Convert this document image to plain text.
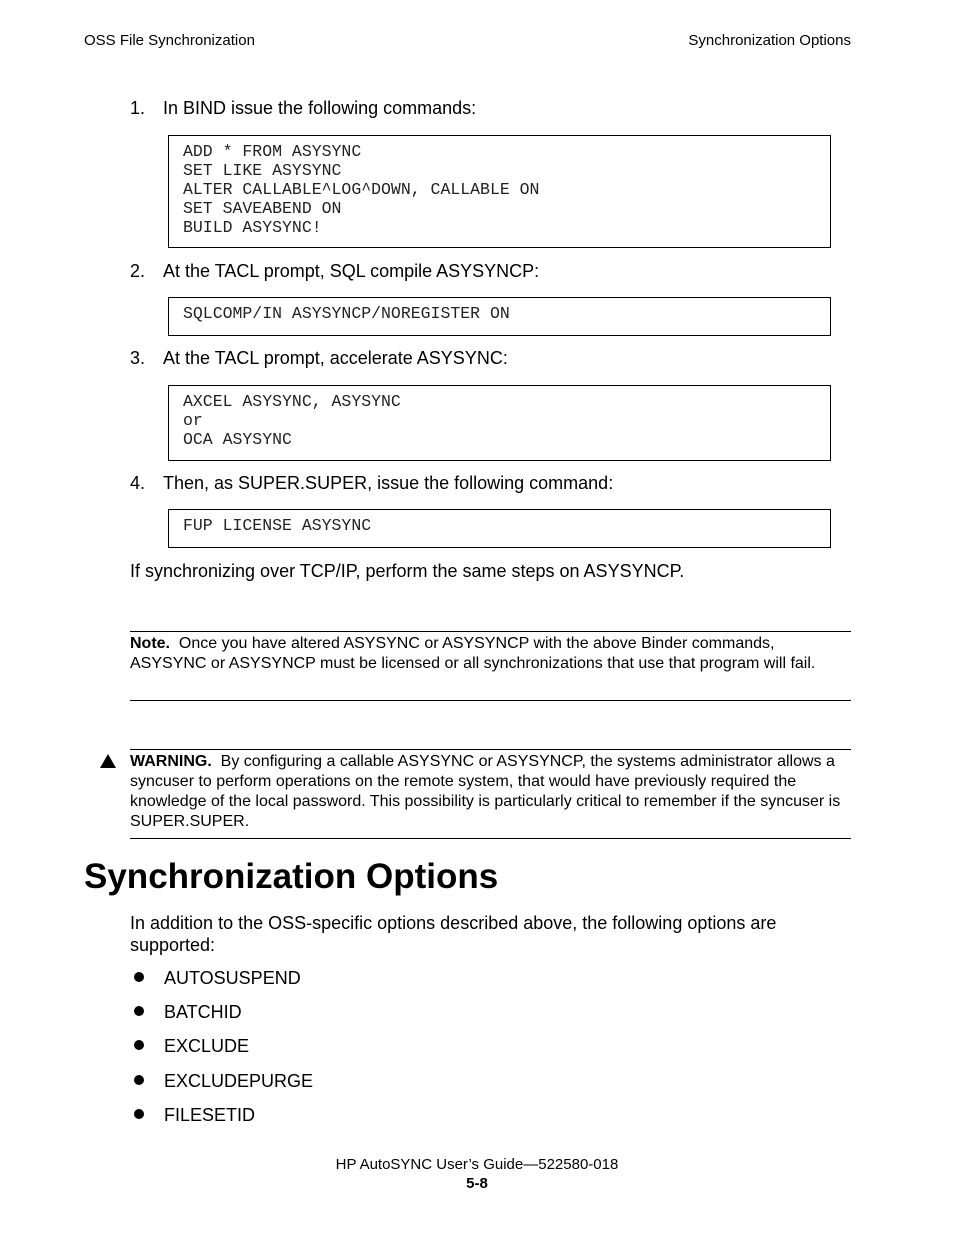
OSS File Synchronization	Synchronization Options
1. In BIND issue the following commands:
ADD * FROM ASYSYNC
SET LIKE ASYSYNC
ALTER CALLABLE^LOG^DOWN, CALLABLE ON
SET SAVEABEND ON
BUILD ASYSYNC!
2. At the TACL prompt, SQL compile ASYSYNCP:
SQLCOMP/IN ASYSYNCP/NOREGISTER ON
3. At the TACL prompt, accelerate ASYSYNC:
AXCEL ASYSYNC, ASYSYNC
or
OCA ASYSYNC
4. Then, as SUPER.SUPER, issue the following command:
FUP LICENSE ASYSYNC
If synchronizing over TCP/IP, perform the same steps on ASYSYNCP.
Note. Once you have altered ASYSYNC or ASYSYNCP with the above Binder commands, ASYSYNC or ASYSYNCP must be licensed or all synchronizations that use that program will fail.
WARNING. By configuring a callable ASYSYNC or ASYSYNCP, the systems administrator allows a syncuser to perform operations on the remote system, that would have previously required the knowledge of the local password. This possibility is particularly critical to remember if the syncuser is SUPER.SUPER.
Synchronization Options
In addition to the OSS-specific options described above, the following options are supported:
AUTOSUSPEND
BATCHID
EXCLUDE
EXCLUDEPURGE
FILESETID
HP AutoSYNC User’s Guide—522580-018
5-8
